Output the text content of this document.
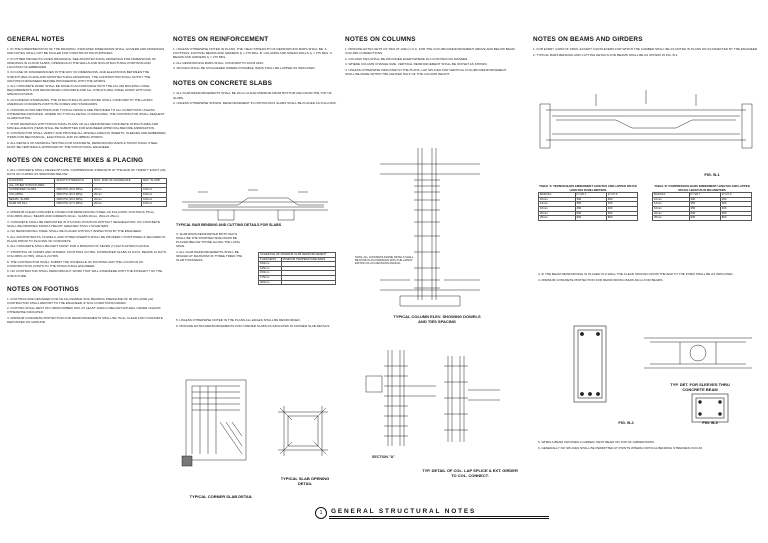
GENERAL NOTES
1. IN THE INTERPRETATION OF THE DRAWING, INDICATED DIMENSIONS SHALL GOVERN AND DRAWINGS AND NOTES SHALL NOT BE SCALED FOR CONSTRUCTION PURPOSES.
2. IN OTHER PROJECTS GIVEN DRAWINGS, SEE ARCHITECTURAL DRAWINGS FOR DIMENSIONS OF OPENINGS IN FLOOR SLABS, OPENINGS IN THE WALLS AND NON-STRUCTURAL PORTIONS AND LOCATION OF EMBEDDED.
3. IN CASE OF DISCREPANCIES IN THE WAY OF DIMENSIONS, AND ELEVATIONS BETWEEN THE STRUCTURAL PLANS AND ARCHITECTURAL DRAWINGS, THE CONTRACTOR SHALL NOTIFY THE ARCHITECT/ENGINEER BEFORE PROCEEDING WITH THE WORKS.
4. ALL CONCRETE WORK SHALL BE DONE IN ACCORDANCE WITH THE ACI-318 BUILDING CODE REQUIREMENTS FOR REINFORCED CONCRETE AND ALL STRUCTURAL STEEL WORK WITH AISC SPECIFICATIONS.
5. AS FOREIGN STANDARDS, THE STRUCTURAL PLANS NOTED SHALL CONFORM TO THE LATEST AMERICAN CONCRETE INSTITUTE CODES AND STANDARDS.
6. CONSTRUCTION METHODS AND TYPICAL DETAILS ARE PROVIDED TO ALL CONDITIONS UNLESS OTHERWISE INDICATED. WHERE NO TYPICAL DETAIL IS INDICATED, THE CONTRACTOR SHALL REQUEST CLARIFICATION.
7. SHOP DRAWINGS WITH STRUCTURAL PLANS OF ALL REINFORCED CONCRETE STRUCTURES AND MISCELLANEOUS ITEMS SHALL BE SUBMITTED FOR ENGINEER APPROVAL BEFORE FABRICATION.
8. CONTRACTOR SHALL VERIFY AND PROVIDE ALL MISCELLANEOUS INSERTS, SLEEVES AND EMBEDDED ITEMS FOR MECHANICAL, ELECTRICAL AND PLUMBING WORKS.
9. ALL DETAILS OF MATERIAL TESTING FOR CONCRETE, REINFORCING BARS & STRUCTURAL STEEL MUST BE CERTIFIED & APPROVED BY THE STRUCTURAL ENGINEER.
NOTES ON CONCRETE MIXES & PLACING
1. ALL CONCRETE SHALL DEVELOP A MIN. COMPRESSIVE STRENGTH AT THE END OF TWENTY EIGHT (28) DAYS OF CURING AS SPECIFIED BELOW.
LOCATION	28 DAYS STRENGTH	MAX. SIZE OF AGGREGATE	MAX. SLUMP
ALL OTHER STRUCTURES			
SUSPENDED SLABS	3000 PSI (20.6 MPa)	20mm	100mm
COLUMNS	3000 PSI (20.6 MPa)	20mm	100mm
BEAMS, SLABS	3000 PSI (20.6 MPa)	20mm	100mm
SLAB ON FILL	2500 PSI (17.2 MPa)	20mm	100mm
2. MINIMUM CLEAR CONCRETE COVER FOR REINFORCING STEEL AS FOLLOWS: FOOTINGS 75mm, COLUMNS 40mm, BEAMS AND GIRDERS 40mm, SLABS 20mm, WALLS 25mm.
3. CONCRETE SHALL BE DEPOSITED IN ITS FINAL POSITION WITHOUT SEGREGATION. NO CONCRETE SHALL BE DROPPED FROM A HEIGHT GREATER THAN 1.50 METERS.
4. NO REINFORCING STEEL SHALL BE PLACED WITHOUT INSPECTION BY THE ENGINEER.
5. ALL ANCHOR BOLTS, DOWELS, AND OTHER INSERTS SHALL BE PROPERLY POSITIONED & SECURED IN PLACE PRIOR TO PLACING OF CONCRETE.
6. ALL CONCRETE SHALL BE KEPT MOIST FOR A MINIMUM OF SEVEN (7) DAYS AFTER PLACING.
7. STRIPPING OF FORMS AND SHORES: FOOTINGS 24 HRS, SUSPENDED SLABS 14 DAYS, BEAMS 14 DAYS, COLUMNS 24 HRS, WALLS 24 HRS.
8. THE CONTRACTOR SHALL SUBMIT THE SCHEDULE OF POURING AND THE LOCATION OF CONSTRUCTION JOINTS TO THE STRUCTURAL ENGINEER.
9. NO CONTRACTOR SHALL PERFORM ANY WORK THAT WILL INTERFERE WITH THE INTEGRITY OF THE STRUCTURE.
NOTES ON FOOTINGS
1. FOOTINGS ARE DESIGNED FOR AN ALLOWABLE SOIL BEARING PRESSURE OF 96 kPa (2000 psf). CONTRACTOR SHALL REPORT TO THE ENGINEER IF SOIL CONDITIONS DIFFER.
2. FOOTING SHALL REST ON UNDISTURBED SOIL AT LEAST 1000mm BELOW NATURAL GRADE UNLESS OTHERWISE INDICATED.
3. MINIMUM CONCRETE PROTECTION FOR REINFORCEMENTS SHALL BE 75mm CLEAR FOR CONCRETE DEPOSITED ON GROUND.
NOTES ON REINFORCEMENT
1. UNLESS OTHERWISE NOTED IN PLANS, THE YIELD STRENGTH OF REINFORCING BARS SHALL BE: A. FOOTINGS, FOOTING BEAMS AND GRIDERS fy = 275 MPa. B. COLUMNS AND SHEAR WALLS fy = 275 MPa. C. BEAMS AND GIRDERS fy = 275 MPa.
2. ALL REINFORCING BARS SHALL CONFORM TO ASTM A615.
3. SPLICES SHALL BE STAGGERED WHERE POSSIBLE. BARS SHALL BE LAPPED AS INDICATED.
NOTES ON CONCRETE SLABS
1. ALL SLAB REINFORCEMENTS SHALL BE 20mm CLEAR MINIMUM FROM BOTTOM AND FROM THE TOP OF SLABS.
2. UNLESS OTHERWISE SHOWN, REINFORCEMENT IN CONTINUOUS SLABS SHALL BE PLACED AS FOLLOWS.
TYPICAL BAR BENDING AND CUTTING DETAILS FOR SLABS
3. SLAB BARS REINFORCED BOTH WAYS SHALL BE THE SHORTER SPAN BARS BE PLACED BELOW THOSE ALONG THE LONG SPAN.
4. ALL SLAB REINFORCEMENTS SHALL BE SPACED AT MAXIMUM OF THREE TIMES THE SLAB THICKNESS.
SCHEDULE OF MINIMUM SLAB REINFORCEMENT	
THICKNESS	MINIMUM TEMPERATURE BARS
100mm	
125mm	
150mm	
175mm	
200mm	
5. UNLESS OTHERWISE NOTED IN THE PLANS ALL EDGES SHALL BE REINFORCED.
6. PROVIDE EXTRA REINFORCEMENTS FOR CORNER SLABS AS INDICATED IN CORNER SLAB DETAILS.
TYPICAL CORNER SLAB DETAIL
TYPICAL SLAB OPENING DETAIL
NOTES ON COLUMNS
1. PROVIDE EXTRA SETS OF TIES AT 100mm O.C. FOR THE COLUMN REINFORCEMENT ABOVE AND BELOW BEAM COLUMN CONNECTIONS.
2. COLUMN TIES SHALL BE PROVIDED EVERYWHERE IN A CONTINUOUS MANNER.
3. WHERE COLUMN CHANGE SIZE, VERTICAL REINFORCEMENT SHALL BE OFFSET AS SHOWN.
4. UNLESS OTHERWISE INDICATED IN THE PLANS, LAP SPLICES FOR VERTICAL COLUMN REINFORCEMENT SHALL BE MADE WITHIN THE CENTER HALF OF THE COLUMN HEIGHT.
NOTE: ALL CONCRETE FRAME DETAILS SHALL BE DONE IN ACCORDANCE WITH THE LATEST EDITION OF ACI DETAILING MANUAL.
TYPICAL COLUMN ELEV. SHOWING DOWELS AND TIES SPACING
SECTION "A"
TYP. DETAIL OF COL. LAP SPLICE & EXT. GIRDER TO COL. CONNECT.
NOTES ON BEAMS AND GIRDERS
1. FOR EVERY 4.00M OF SPAN, EXCEPT CANTILEVERS FOR WHICH THE CAMBER SHALL BE AS NOTED IN PLANS OR AS DIRECTED BY THE ENGINEER.
2. TYPICAL BARS BENDING AND CUTTING DETAILS FOR BEAMS SHALL BE AS SHOWN IN FIG. B-1.
FIG. B-1
TABLE 'A' TENSION BARS EMBEDMENT LENGTHS AND LAPPED SPLICE LENGTHS IN MILLIMETERS
BAR DIA.	fc'=20.7	fc'=27.6
10mm	300	300
12mm	350	300
16mm	450	400
20mm	600	500
25mm	900	800
TABLE 'B' COMPRESSION BARS EMBEDMENT LENGTHS AND LAPPED SPLICE LENGTHS IN MILLIMETERS
BAR DIA.	fc'=20.7	fc'=27.6
10mm	300	300
12mm	350	300
16mm	450	400
20mm	600	500
25mm	900	800
3. IF THE BEAM REINFORCING IS PLACED IN A WALL THE CLEAR SPACING FROM THE BAR TO THE FORM SHALL BE AS INDICATED.
4. MINIMUM CONCRETE PROTECTION FOR REINFORCING BARS 40mm FOR BEAMS.
TYP. DET. FOR SLEEVES THRU CONCRETE BEAM
FIG. B-2	FIG. B-3
5. WHEN A BEAM CROSSES A GIRDER, REST BEAM ON TOP OF GIRDER BARS.
6. GENERALLY NO SPLICES SHALL BE PERMITTED AT POINTS WHERE CRITICAL BENDING STRESSES OCCUR.
1	GENERAL STRUCTURAL NOTES
